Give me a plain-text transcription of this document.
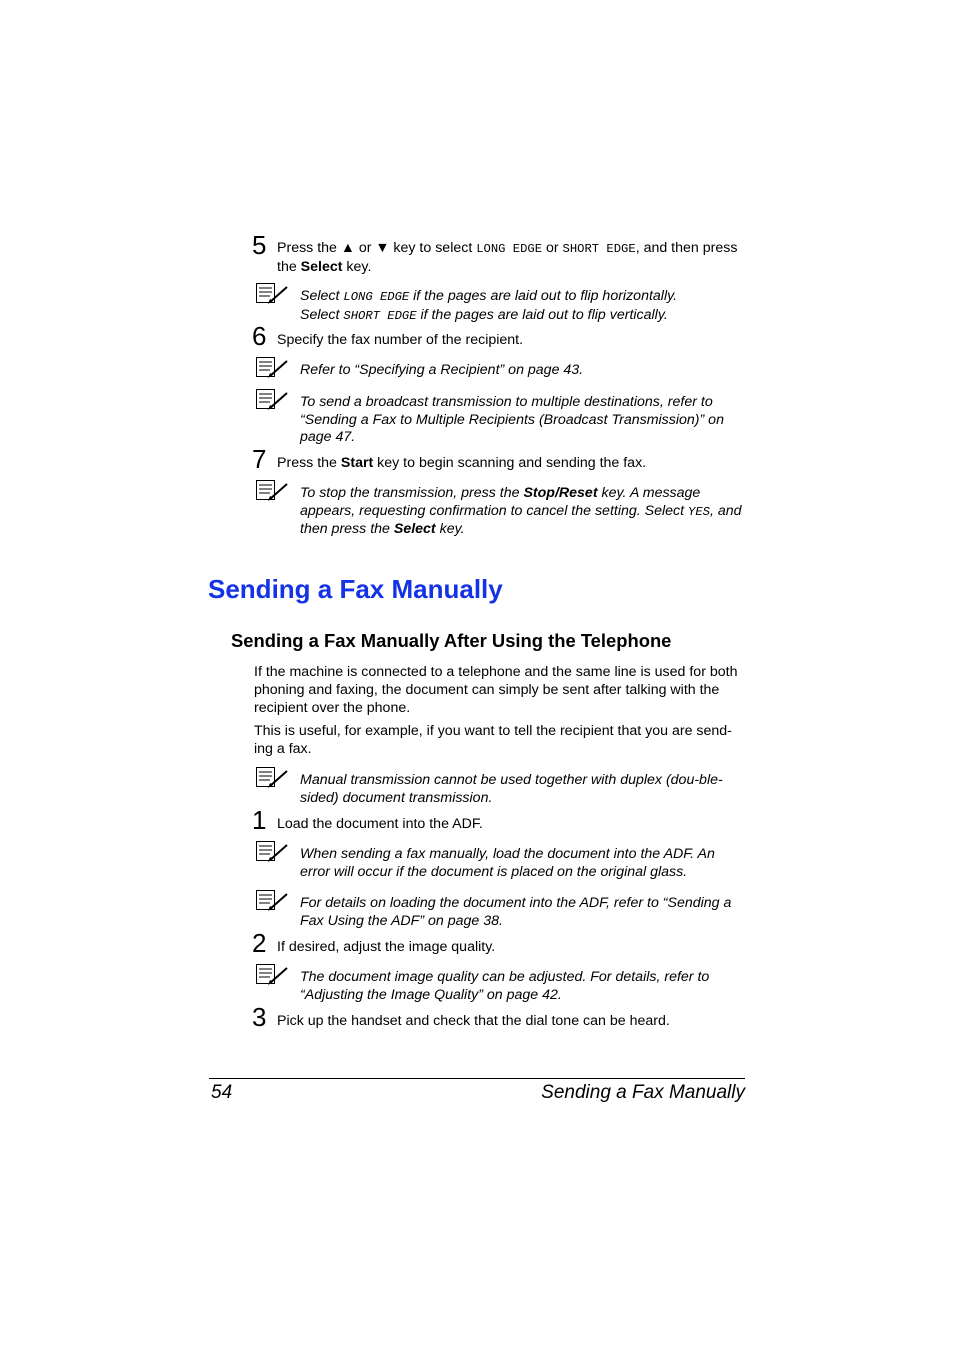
5 Press the ▲ or ▼ key to select LONG EDGE or SHORT EDGE, and then press the Select key.
Select LONG EDGE if the pages are laid out to flip horizontally.
Select SHORT EDGE if the pages are laid out to flip vertically.
6 Specify the fax number of the recipient.
Refer to “Specifying a Recipient” on page 43.
To send a broadcast transmission to multiple destinations, refer to “Sending a Fax to Multiple Recipients (Broadcast Transmission)” on page 47.
7 Press the Start key to begin scanning and sending the fax.
To stop the transmission, press the Stop/Reset key. A message appears, requesting confirmation to cancel the setting. Select YES, and then press the Select key.
Sending a Fax Manually
Sending a Fax Manually After Using the Telephone
If the machine is connected to a telephone and the same line is used for both phoning and faxing, the document can simply be sent after talking with the recipient over the phone.
This is useful, for example, if you want to tell the recipient that you are send-ing a fax.
Manual transmission cannot be used together with duplex (dou-ble-sided) document transmission.
1 Load the document into the ADF.
When sending a fax manually, load the document into the ADF. An error will occur if the document is placed on the original glass.
For details on loading the document into the ADF, refer to “Sending a Fax Using the ADF” on page 38.
2 If desired, adjust the image quality.
The document image quality can be adjusted. For details, refer to “Adjusting the Image Quality” on page 42.
3 Pick up the handset and check that the dial tone can be heard.
54	Sending a Fax Manually
